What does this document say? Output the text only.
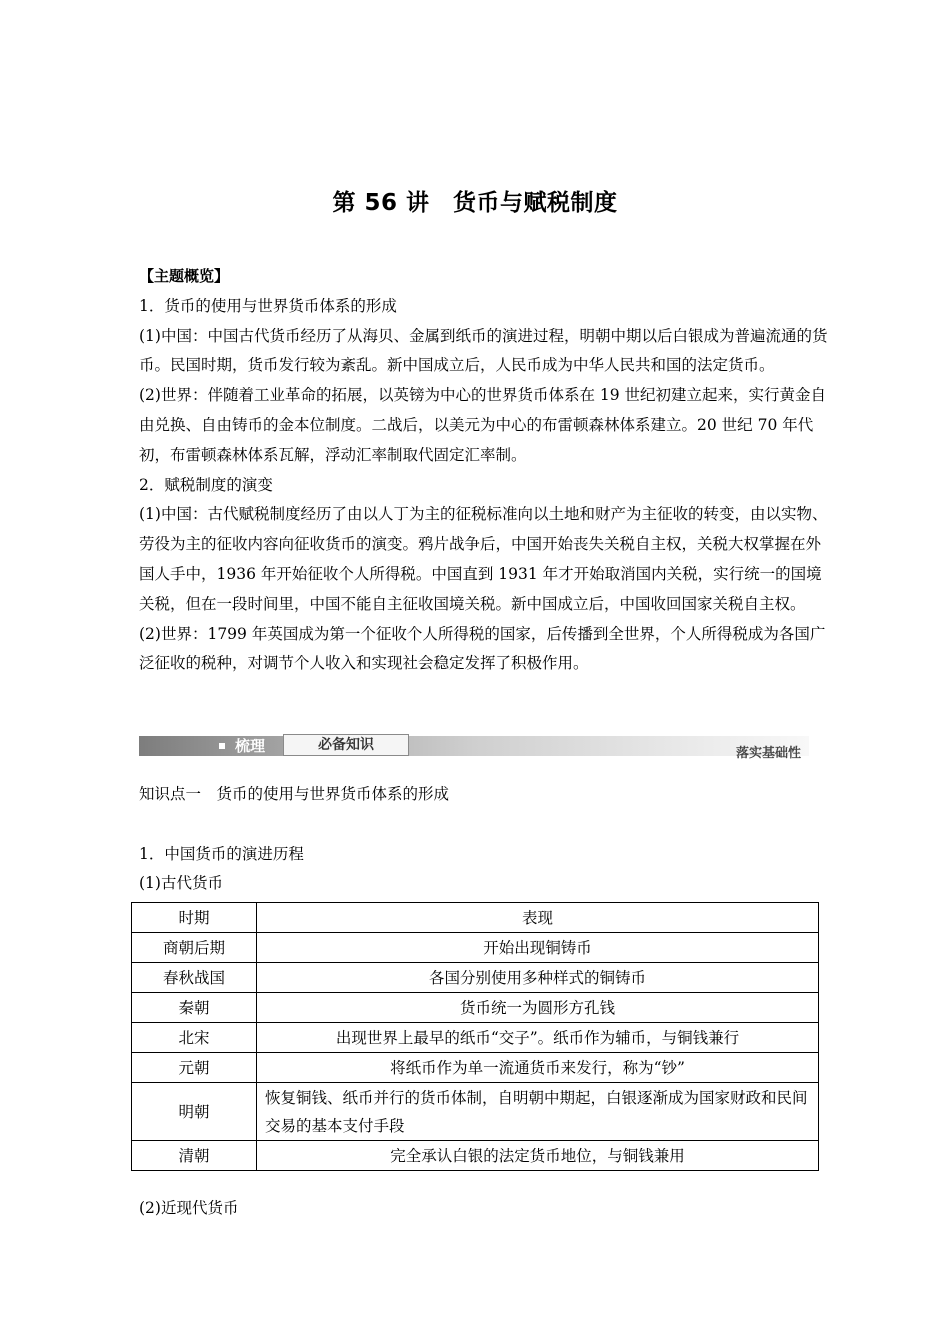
第 56 讲　货币与赋税制度

【主题概览】

1．货币的使用与世界货币体系的形成

(1)中国：中国古代货币经历了从海贝、金属到纸币的演进过程，明朝中期以后白银成为普遍流通的货币。民国时期，货币发行较为紊乱。新中国成立后，人民币成为中华人民共和国的法定货币。

(2)世界：伴随着工业革命的拓展，以英镑为中心的世界货币体系在 19 世纪初建立起来，实行黄金自由兑换、自由铸币的金本位制度。二战后，以美元为中心的布雷顿森林体系建立。20 世纪 70 年代初，布雷顿森林体系瓦解，浮动汇率制取代固定汇率制。

2．赋税制度的演变

(1)中国：古代赋税制度经历了由以人丁为主的征税标准向以土地和财产为主征收的转变，由以实物、劳役为主的征收内容向征收货币的演变。鸦片战争后，中国开始丧失关税自主权，关税大权掌握在外国人手中，1936 年开始征收个人所得税。中国直到 1931 年才开始取消国内关税，实行统一的国境关税，但在一段时间里，中国不能自主征收国境关税。新中国成立后，中国收回国家关税自主权。

(2)世界：1799 年英国成为第一个征收个人所得税的国家，后传播到全世界，个人所得税成为各国广泛征收的税种，对调节个人收入和实现社会稳定发挥了积极作用。

梳理	必备知识
落实基础性
知识点一　货币的使用与世界货币体系的形成
1．中国货币的演进历程
(1)古代货币
时期	表现
商朝后期	开始出现铜铸币
春秋战国	各国分别使用多种样式的铜铸币
秦朝	货币统一为圆形方孔钱
北宋	出现世界上最早的纸币“交子”。纸币作为辅币，与铜钱兼行
元朝	将纸币作为单一流通货币来发行，称为“钞”
明朝	恢复铜钱、纸币并行的货币体制，自明朝中期起，白银逐渐成为国家财政和民间交易的基本支付手段
清朝	完全承认白银的法定货币地位，与铜钱兼用
(2)近现代货币
